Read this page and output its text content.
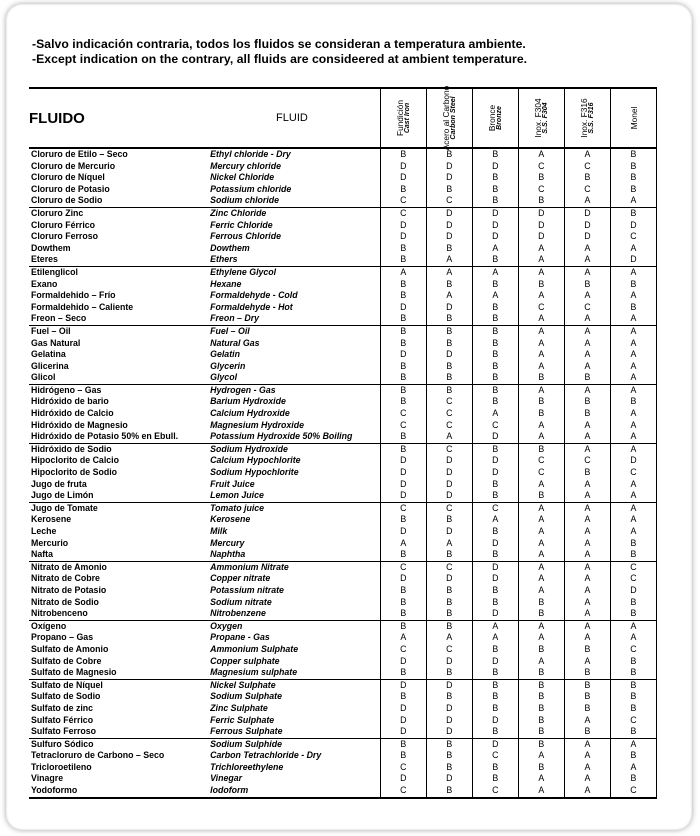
-Salvo indicación contraria, todos los fluidos se consideran a temperatura ambiente.
-Except indication on the contrary, all fluids are consideered at ambient temperature.
FLUIDO	FLUID	Fundición Cast Iron	Acero al Carbono Carbon Steel	Bronce Bronze	Inox. F304 S.S. F304	Inox. F316 S.S. F316	Monel

Cloruro de Etilo – Seco	Ethyl chloride - Dry	B	B	B	A	A	B
Cloruro de Mercurio	Mercury chloride	D	D	D	C	C	B
Cloruro de Níquel	Nickel Chloride	D	D	B	B	B	B
Cloruro de Potasio	Potassium chloride	B	B	B	C	C	B
Cloruro de Sodio	Sodium chloride	C	C	B	B	A	A
Cloruro Zinc	Zinc Chloride	C	D	D	D	D	B
Cloruro Férrico	Ferric Chloride	D	D	D	D	D	D
Cloruro Ferroso	Ferrous Chloride	D	D	D	D	D	C
Dowthem	Dowthem	B	B	A	A	A	A
Eteres	Ethers	B	A	B	A	A	D
Etilenglicol	Ethylene Glycol	A	A	A	A	A	A
Exano	Hexane	B	B	B	B	B	B
Formaldehido – Frío	Formaldehyde - Cold	B	A	A	A	A	A
Formaldehido – Caliente	Formaldehyde - Hot	D	D	B	C	C	B
Freon – Seco	Freon – Dry	B	B	B	A	A	A
Fuel – Oil	Fuel – Oil	B	B	B	A	A	A
Gas Natural	Natural Gas	B	B	B	A	A	A
Gelatina	Gelatin	D	D	B	A	A	A
Glicerina	Glycerin	B	B	B	A	A	A
Glicol	Glycol	B	B	B	B	B	A
Hidrógeno – Gas	Hydrogen - Gas	B	B	B	A	A	A
Hidróxido de bario	Barium Hydroxide	B	C	B	B	B	B
Hidróxido de Calcio	Calcium Hydroxide	C	C	A	B	B	A
Hidróxido de Magnesio	Magnesium Hydroxide	C	C	C	A	A	A
Hidróxido de Potasio 50% en Ebull.	Potassium Hydroxide 50% Boiling	B	A	D	A	A	A
Hidróxido de Sodio	Sodium Hydroxide	B	C	B	B	A	A
Hipoclorito de Calcio	Calcium Hypochlorite	D	D	D	C	C	D
Hipoclorito de Sodio	Sodium Hypochlorite	D	D	D	C	B	C
Jugo de fruta	Fruit Juice	D	D	B	A	A	A
Jugo de Limón	Lemon Juice	D	D	B	B	A	A
Jugo de Tomate	Tomato juice	C	C	C	A	A	A
Kerosene	Kerosene	B	B	A	A	A	A
Leche	Milk	D	D	B	A	A	A
Mercurio	Mercury	A	A	D	A	A	B
Nafta	Naphtha	B	B	B	A	A	B
Nitrato de Amonio	Ammonium Nitrate	C	C	D	A	A	C
Nitrato de Cobre	Copper nitrate	D	D	D	A	A	C
Nitrato de Potasio	Potassium nitrate	B	B	B	A	A	D
Nitrato de Sodio	Sodium nitrate	B	B	B	B	A	B
Nitrobenceno	Nitrobenzene	B	B	D	B	A	B
Oxígeno	Oxygen	B	B	A	A	A	A
Propano – Gas	Propane - Gas	A	A	A	A	A	A
Sulfato de Amonio	Ammonium Sulphate	C	C	B	B	B	C
Sulfato de Cobre	Copper sulphate	D	D	D	A	A	B
Sulfato de Magnesio	Magnesium sulphate	B	B	B	B	B	B
Sulfato de Níquel	Nickel Sulphate	D	D	B	B	B	B
Sulfato de Sodio	Sodium Sulphate	B	B	B	B	B	B
Sulfato de zinc	Zinc Sulphate	D	D	B	B	B	B
Sulfato Férrico	Ferric Sulphate	D	D	D	B	A	C
Sulfato Ferroso	Ferrous Sulphate	D	D	B	B	B	B
Sulfuro Sódico	Sodium Sulphide	B	B	D	B	A	A
Tetracloruro de Carbono – Seco	Carbon Tetrachloride - Dry	B	B	C	A	A	B
Tricloroetileno	Trichloreethylene	C	B	B	B	A	A
Vinagre	Vinegar	D	D	B	A	A	B
Yodoformo	Iodoform	C	B	C	A	A	C
